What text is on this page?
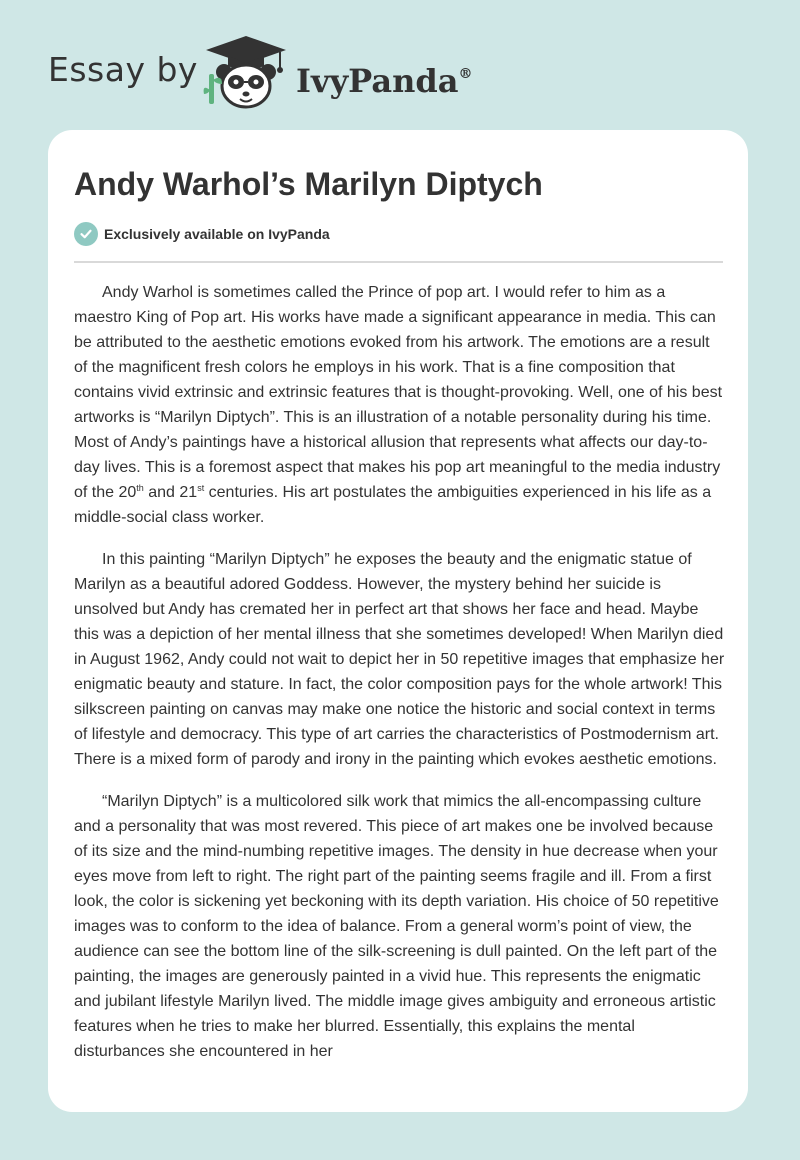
Essay by	IvyPanda®
Andy Warhol’s Marilyn Diptych
Exclusively available on IvyPanda

Andy Warhol is sometimes called the Prince of pop art. I would refer to him as a maestro King of Pop art. His works have made a significant appearance in media. This can be attributed to the aesthetic emotions evoked from his artwork. The emotions are a result of the magnificent fresh colors he employs in his work. That is a fine composition that contains vivid extrinsic and extrinsic features that is thought-provoking. Well, one of his best artworks is “Marilyn Diptych”. This is an illustration of a notable personality during his time. Most of Andy’s paintings have a historical allusion that represents what affects our day-to-day lives. This is a foremost aspect that makes his pop art meaningful to the media industry of the 20th and 21st centuries. His art postulates the ambiguities experienced in his life as a middle-social class worker.

In this painting “Marilyn Diptych” he exposes the beauty and the enigmatic statue of Marilyn as a beautiful adored Goddess. However, the mystery behind her suicide is unsolved but Andy has cremated her in perfect art that shows her face and head. Maybe this was a depiction of her mental illness that she sometimes developed! When Marilyn died in August 1962, Andy could not wait to depict her in 50 repetitive images that emphasize her enigmatic beauty and stature. In fact, the color composition pays for the whole artwork! This silkscreen painting on canvas may make one notice the historic and social context in terms of lifestyle and democracy. This type of art carries the characteristics of Postmodernism art. There is a mixed form of parody and irony in the painting which evokes aesthetic emotions.

“Marilyn Diptych” is a multicolored silk work that mimics the all-encompassing culture and a personality that was most revered. This piece of art makes one be involved because of its size and the mind-numbing repetitive images. The density in hue decrease when your eyes move from left to right. The right part of the painting seems fragile and ill. From a first look, the color is sickening yet beckoning with its depth variation. His choice of 50 repetitive images was to conform to the idea of balance. From a general worm’s point of view, the audience can see the bottom line of the silk-screening is dull painted. On the left part of the painting, the images are generously painted in a vivid hue. This represents the enigmatic and jubilant lifestyle Marilyn lived. The middle image gives ambiguity and erroneous artistic features when he tries to make her blurred. Essentially, this explains the mental disturbances she encountered in her
